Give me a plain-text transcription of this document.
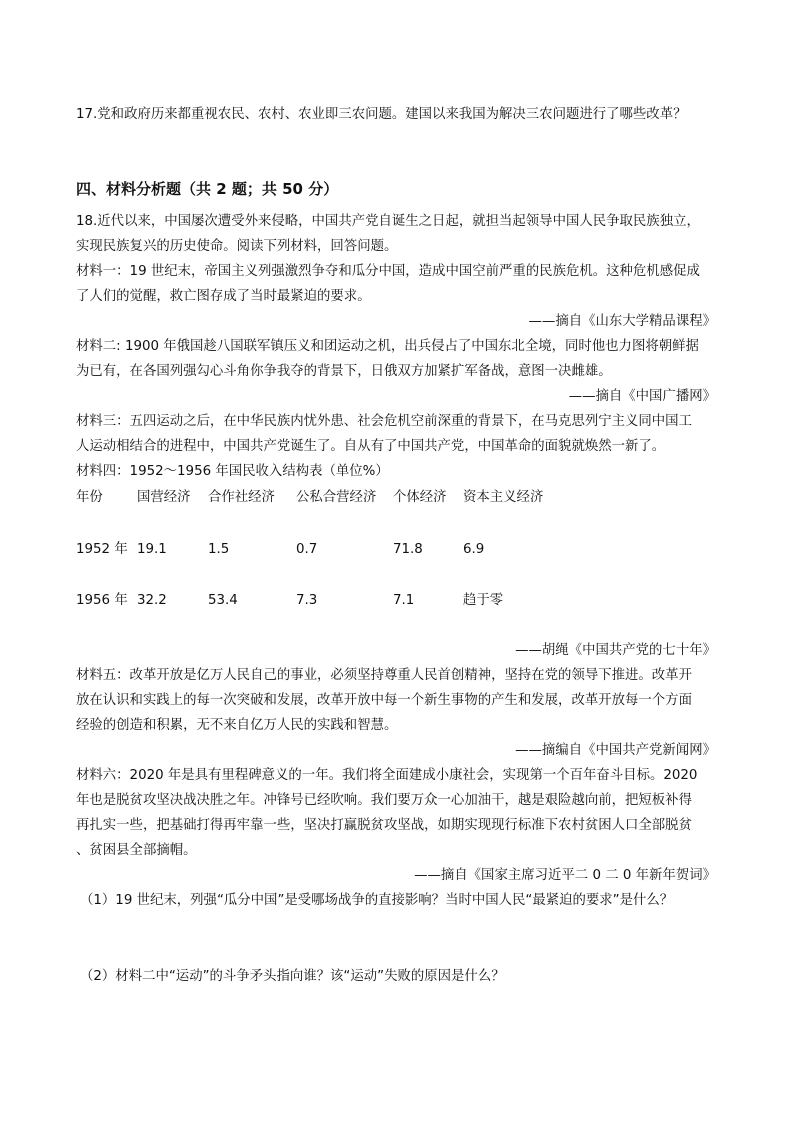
17.党和政府历来都重视农民、农村、农业即三农问题。建国以来我国为解决三农问题进行了哪些改革？
四、材料分析题（共 2 题；共 50 分）
18.近代以来，中国屡次遭受外来侵略，中国共产党自诞生之日起，就担当起领导中国人民争取民族独立，
实现民族复兴的历史使命。阅读下列材料，回答问题。
材料一：19 世纪末，帝国主义列强激烈争夺和瓜分中国，造成中国空前严重的民族危机。这种危机感促成
了人们的觉醒，救亡图存成了当时最紧迫的要求。
——摘自《山东大学精品课程》
材料二: 1900 年俄国趁八国联军镇压义和团运动之机，出兵侵占了中国东北全境，同时他也力图将朝鲜据
为已有，在各国列强勾心斗角你争我夺的背景下，日俄双方加紧扩军备战，意图一决雌雄。
——摘自《中国广播网》
材料三：五四运动之后，在中华民族内忧外患、社会危机空前深重的背景下，在马克思列宁主义同中国工
人运动相结合的进程中，中国共产党诞生了。自从有了中国共产党，中国革命的面貌就焕然一新了。
材料四：1952～1956 年国民收入结构表（单位%）
年份	国营经济 合作社经济 公私合营经济 个体经济 资本主义经济
1952 年 19.1	1.5	0.7	71.8	6.9
1956 年 32.2	53.4	7.3	7.1	趋于零
——胡绳《中国共产党的七十年》
材料五：改革开放是亿万人民自己的事业，必须坚持尊重人民首创精神，坚持在党的领导下推进。改革开
放在认识和实践上的每一次突破和发展，改革开放中每一个新生事物的产生和发展，改革开放每一个方面
经验的创造和积累，无不来自亿万人民的实践和智慧。
——摘编自《中国共产党新闻网》
材料六：2020 年是具有里程碑意义的一年。我们将全面建成小康社会，实现第一个百年奋斗目标。2020
年也是脱贫攻坚决战决胜之年。冲锋号已经吹响。我们要万众一心加油干，越是艰险越向前，把短板补得
再扎实一些，把基础打得再牢靠一些，坚决打赢脱贫攻坚战，如期实现现行标准下农村贫困人口全部脱贫
、贫困县全部摘帽。
——摘自《国家主席习近平二 0 二 0 年新年贺词》
（1）19 世纪末，列强“瓜分中国”是受哪场战争的直接影响？当时中国人民“最紧迫的要求”是什么？
（2）材料二中“运动”的斗争矛头指向谁？该“运动”失败的原因是什么？
